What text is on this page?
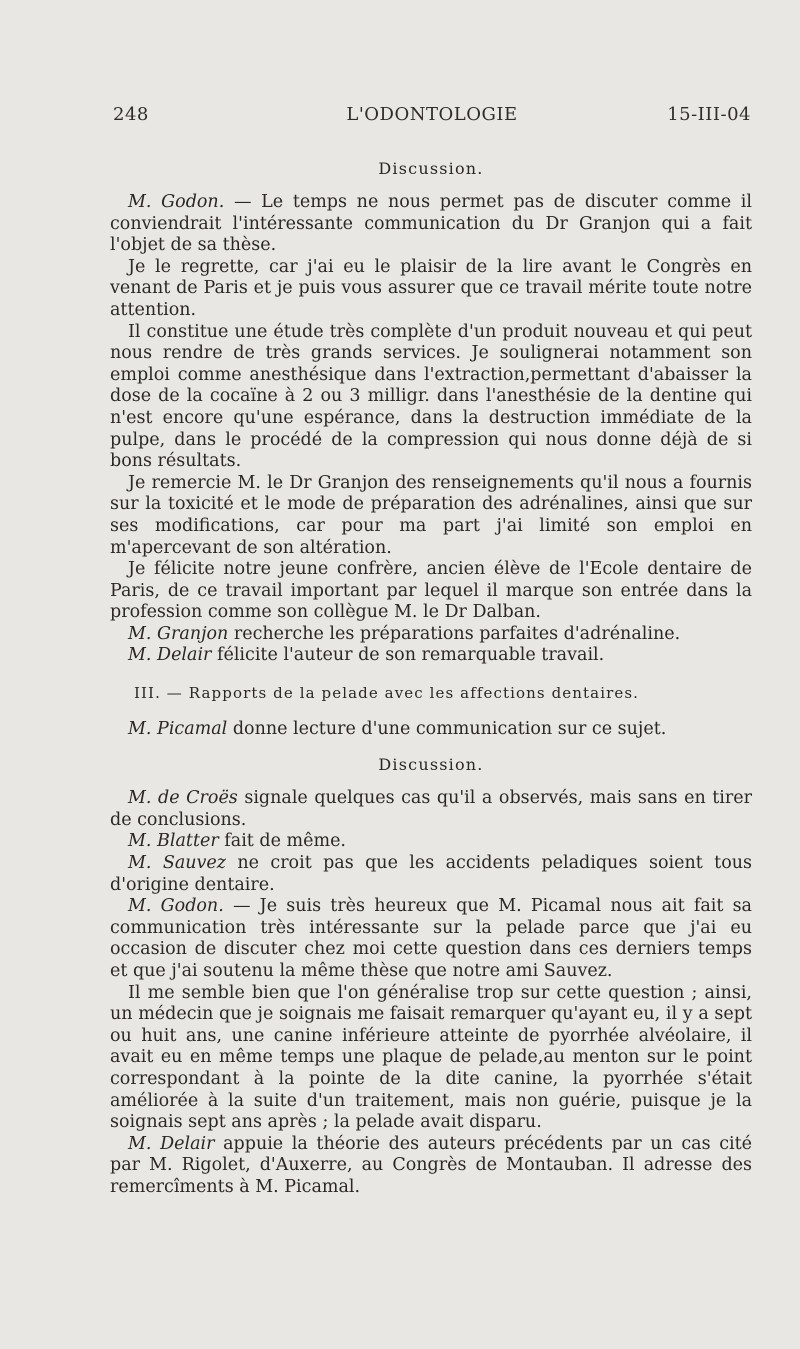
248	L'ODONTOLOGIE	15-III-04
Discussion.

M. Godon. — Le temps ne nous permet pas de discuter comme il conviendrait l'intéressante communication du Dr Granjon qui a fait l'objet de sa thèse.

Je le regrette, car j'ai eu le plaisir de la lire avant le Congrès en venant de Paris et je puis vous assurer que ce travail mérite toute notre attention.

Il constitue une étude très complète d'un produit nouveau et qui peut nous rendre de très grands services. Je soulignerai notamment son emploi comme anesthésique dans l'extraction,permettant d'abaisser la dose de la cocaïne à 2 ou 3 milligr. dans l'anesthésie de la dentine qui n'est encore qu'une espérance, dans la destruction immédiate de la pulpe, dans le procédé de la compression qui nous donne déjà de si bons résultats.

Je remercie M. le Dr Granjon des renseignements qu'il nous a fournis sur la toxicité et le mode de préparation des adrénalines, ainsi que sur ses modifications, car pour ma part j'ai limité son emploi en m'apercevant de son altération.

Je félicite notre jeune confrère, ancien élève de l'Ecole dentaire de Paris, de ce travail important par lequel il marque son entrée dans la profession comme son collègue M. le Dr Dalban.

M. Granjon recherche les préparations parfaites d'adrénaline.

M. Delair félicite l'auteur de son remarquable travail.

III. — Rapports de la pelade avec les affections dentaires.

M. Picamal donne lecture d'une communication sur ce sujet.

Discussion.

M. de Croës signale quelques cas qu'il a observés, mais sans en tirer de conclusions.

M. Blatter fait de même.

M. Sauvez ne croit pas que les accidents peladiques soient tous d'origine dentaire.

M. Godon. — Je suis très heureux que M. Picamal nous ait fait sa communication très intéressante sur la pelade parce que j'ai eu occasion de discuter chez moi cette question dans ces derniers temps et que j'ai soutenu la même thèse que notre ami Sauvez.

Il me semble bien que l'on généralise trop sur cette question ; ainsi, un médecin que je soignais me faisait remarquer qu'ayant eu, il y a sept ou huit ans, une canine inférieure atteinte de pyorrhée alvéolaire, il avait eu en même temps une plaque de pelade,au menton sur le point correspondant à la pointe de la dite canine, la pyorrhée s'était améliorée à la suite d'un traitement, mais non guérie, puisque je la soignais sept ans après ; la pelade avait disparu.

M. Delair appuie la théorie des auteurs précédents par un cas cité par M. Rigolet, d'Auxerre, au Congrès de Montauban. Il adresse des remercîments à M. Picamal.
